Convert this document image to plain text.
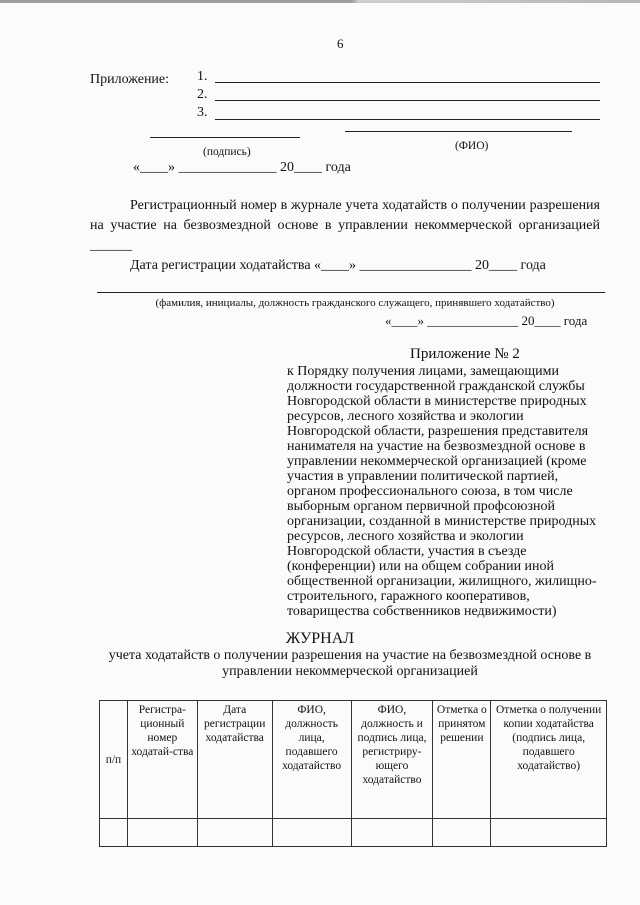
6
Приложение: 1.
2.
3.
(подпись)	(ФИО)
«____» ______________ 20____ года

Регистрационный номер в журнале учета ходатайств о получении разрешения на участие на безвозмездной основе в управлении некоммерческой организацией ______

Дата регистрации ходатайства «____» ________________ 20____ года

(фамилия, инициалы, должность гражданского служащего, принявшего ходатайство)
«____» ______________ 20____ года
Приложение № 2
к Порядку получения лицами, замещающими должности государственной гражданской службы Новгородской области в министерстве природных ресурсов, лесного хозяйства и экологии Новгородской области, разрешения представителя нанимателя на участие на безвозмездной основе в управлении некоммерческой организацией (кроме участия в управлении политической партией, органом профессионального союза, в том числе выборным органом первичной профсоюзной организации, созданной в министерстве природных ресурсов, лесного хозяйства и экологии Новгородской области, участия в съезде (конференции) или на общем собрании иной общественной организации, жилищного, жилищно-строительного, гаражного кооперативов, товарищества собственников недвижимости)
ЖУРНАЛ
учета ходатайств о получении разрешения на участие на безвозмездной основе в управлении некоммерческой организацией
п/п	Регистра-ционный номер ходатай-ства	Дата регистрации ходатайства	ФИО, должность лица, подавшего ходатайство	ФИО, должность и подпись лица, регистриру-ющего ходатайство	Отметка о принятом решении	Отметка о получении копии ходатайства (подпись лица, подавшего ходатайство)
